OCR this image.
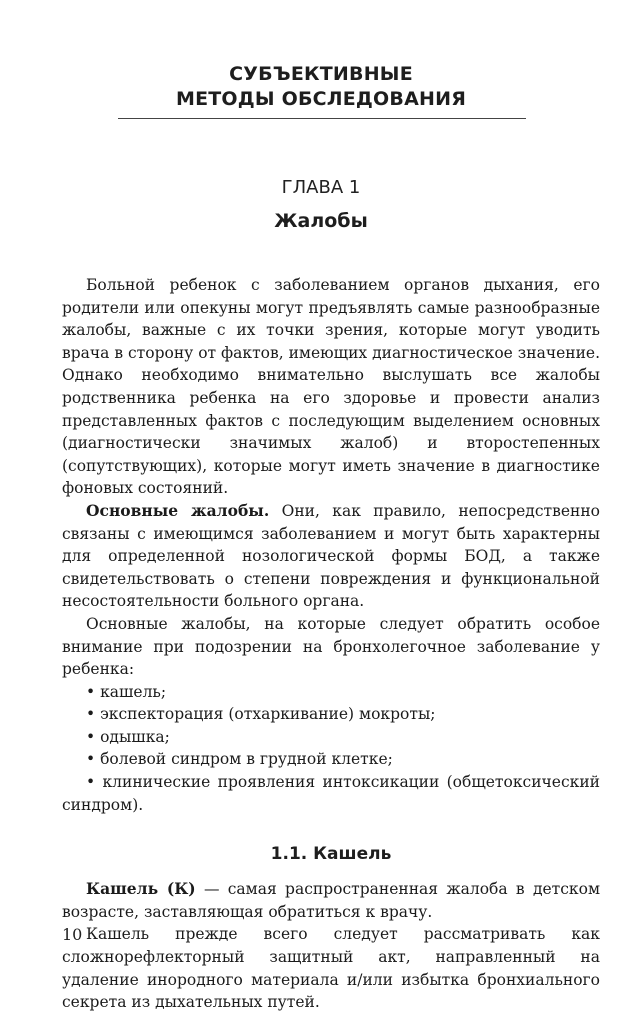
СУБЪЕКТИВНЫЕ
МЕТОДЫ ОБСЛЕДОВАНИЯ
ГЛАВА 1
Жалобы

Больной ребенок с заболеванием органов дыхания, его родители или опекуны могут предъявлять самые разнообразные жалобы, важные с их точки зрения, которые могут уводить врача в сторону от фактов, имеющих диагностическое значение. Однако необходимо внимательно выслушать все жалобы родственника ребенка на его здоровье и провести анализ представленных фактов с последующим выделением основных (диагностически значимых жалоб) и второстепенных (сопутствующих), которые могут иметь значение в диагностике фоновых состояний.

Основные жалобы. Они, как правило, непосредственно связаны с имеющимся заболеванием и могут быть характерны для определенной нозологической формы БОД, а также свидетельствовать о степени повреждения и функциональной несостоятельности больного органа.

Основные жалобы, на которые следует обратить особое внимание при подозрении на бронхолегочное заболевание у ребенка:

• кашель;
• экспекторация (отхаркивание) мокроты;
• одышка;
• болевой синдром в грудной клетке;
• клинические проявления интоксикации (общетоксический синдром).
1.1. Кашель

Кашель (К) — самая распространенная жалоба в детском возрасте, заставляющая обратиться к врачу.

Кашель прежде всего следует рассматривать как сложнорефлекторный защитный акт, направленный на удаление инородного материала и/или избытка бронхиального секрета из дыхательных путей.

10
